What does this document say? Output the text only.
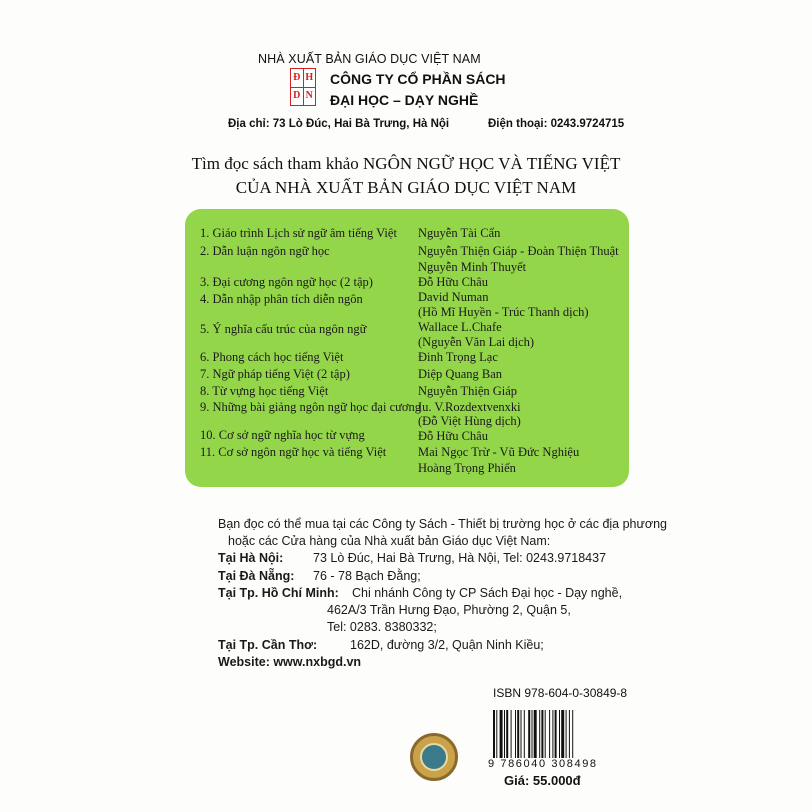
NHÀ XUẤT BẢN GIÁO DỤC VIỆT NAM
Đ H
D N
CÔNG TY CỔ PHẦN SÁCH
ĐẠI HỌC – DẠY NGHỀ
Địa chỉ: 73 Lò Đúc, Hai Bà Trưng, Hà Nội	Điện thoại: 0243.9724715
Tìm đọc sách tham khảo NGÔN NGỮ HỌC VÀ TIẾNG VIỆT
CỦA NHÀ XUẤT BẢN GIÁO DỤC VIỆT NAM
1. Giáo trình Lịch sử ngữ âm tiếng Việt
2. Dẫn luận ngôn ngữ học
3. Đại cương ngôn ngữ học (2 tập)
4. Dẫn nhập phân tích diễn ngôn
5. Ý nghĩa cấu trúc của ngôn ngữ
6. Phong cách học tiếng Việt
7. Ngữ pháp tiếng Việt (2 tập)
8. Từ vựng học tiếng Việt
9. Những bài giảng ngôn ngữ học đại cương
10. Cơ sở ngữ nghĩa học từ vựng
11. Cơ sở ngôn ngữ học và tiếng Việt
Nguyễn Tài Cẩn
Nguyễn Thiện Giáp - Đoàn Thiện Thuật
Nguyễn Minh Thuyết
Đỗ Hữu Châu
David Numan
(Hồ Mĩ Huyền - Trúc Thanh dịch)
Wallace L.Chafe
(Nguyễn Văn Lai dịch)
Đinh Trọng Lạc
Diệp Quang Ban
Nguyễn Thiện Giáp
Iu. V.Rozdextvenxki
(Đỗ Việt Hùng dịch)
Đỗ Hữu Châu
Mai Ngọc Trừ - Vũ Đức Nghiệu
Hoàng Trọng Phiến
Bạn đọc có thể mua tại các Công ty Sách - Thiết bị trường học ở các địa phương
hoặc các Cửa hàng của Nhà xuất bản Giáo dục Việt Nam:
Tại Hà Nội: 73 Lò Đúc, Hai Bà Trưng, Hà Nội, Tel: 0243.9718437
Tại Đà Nẵng: 76 - 78 Bạch Đằng;
Tại Tp. Hồ Chí Minh: Chi nhánh Công ty CP Sách Đại học - Dạy nghề,
462A/3 Trần Hưng Đạo, Phường 2, Quận 5,
Tel: 0283. 8380332;
Tại Tp. Cần Thơ:	162D, đường 3/2, Quận Ninh Kiều;
Website: www.nxbgd.vn
ISBN 978-604-0-30849-8
9 786040 308498
Giá: 55.000đ
